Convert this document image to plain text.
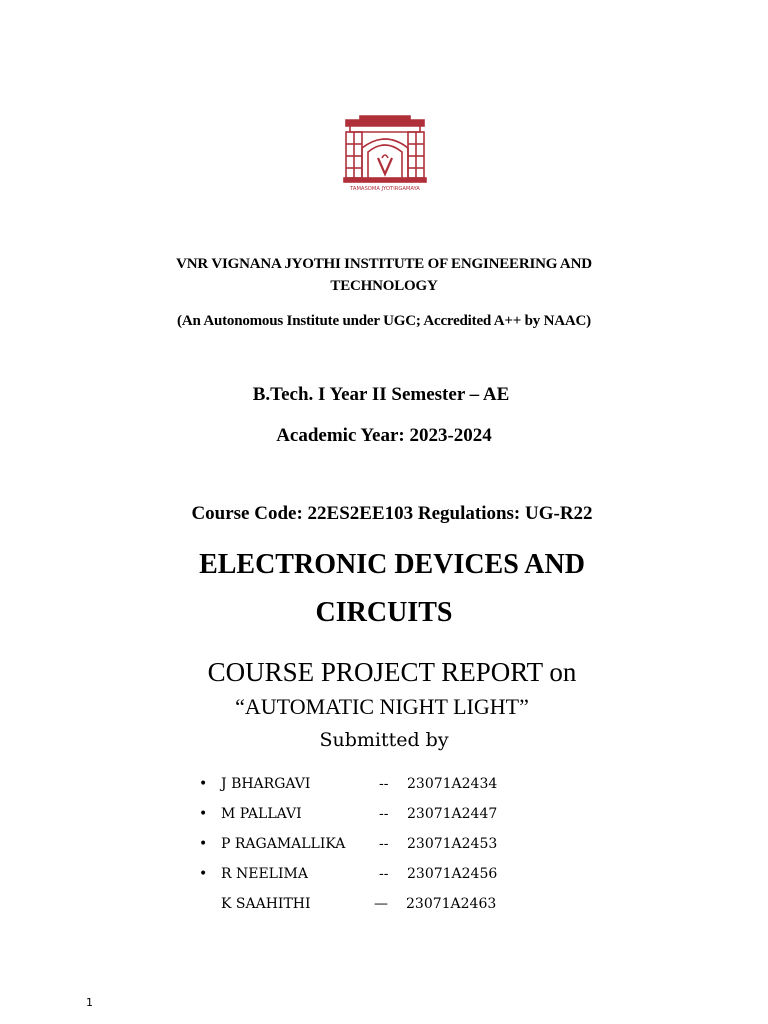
TAMASOMA JYOTIRGAMAYA
VNR VIGNANA JYOTHI INSTITUTE OF ENGINEERING AND
TECHNOLOGY
(An Autonomous Institute under UGC; Accredited A++ by NAAC)
B.Tech. I Year II Semester – AE
Academic Year: 2023-2024
Course Code: 22ES2EE103 Regulations: UG-R22
ELECTRONIC DEVICES AND
CIRCUITS
COURSE PROJECT REPORT on
“AUTOMATIC NIGHT LIGHT”
Submitted by
• J BHARGAVI	-- 23071A2434
• M PALLAVI	-- 23071A2447
• P RAGAMALLIKA -- 23071A2453
• R NEELIMA	-- 23071A2456
K SAAHITHI	— 23071A2463
1
